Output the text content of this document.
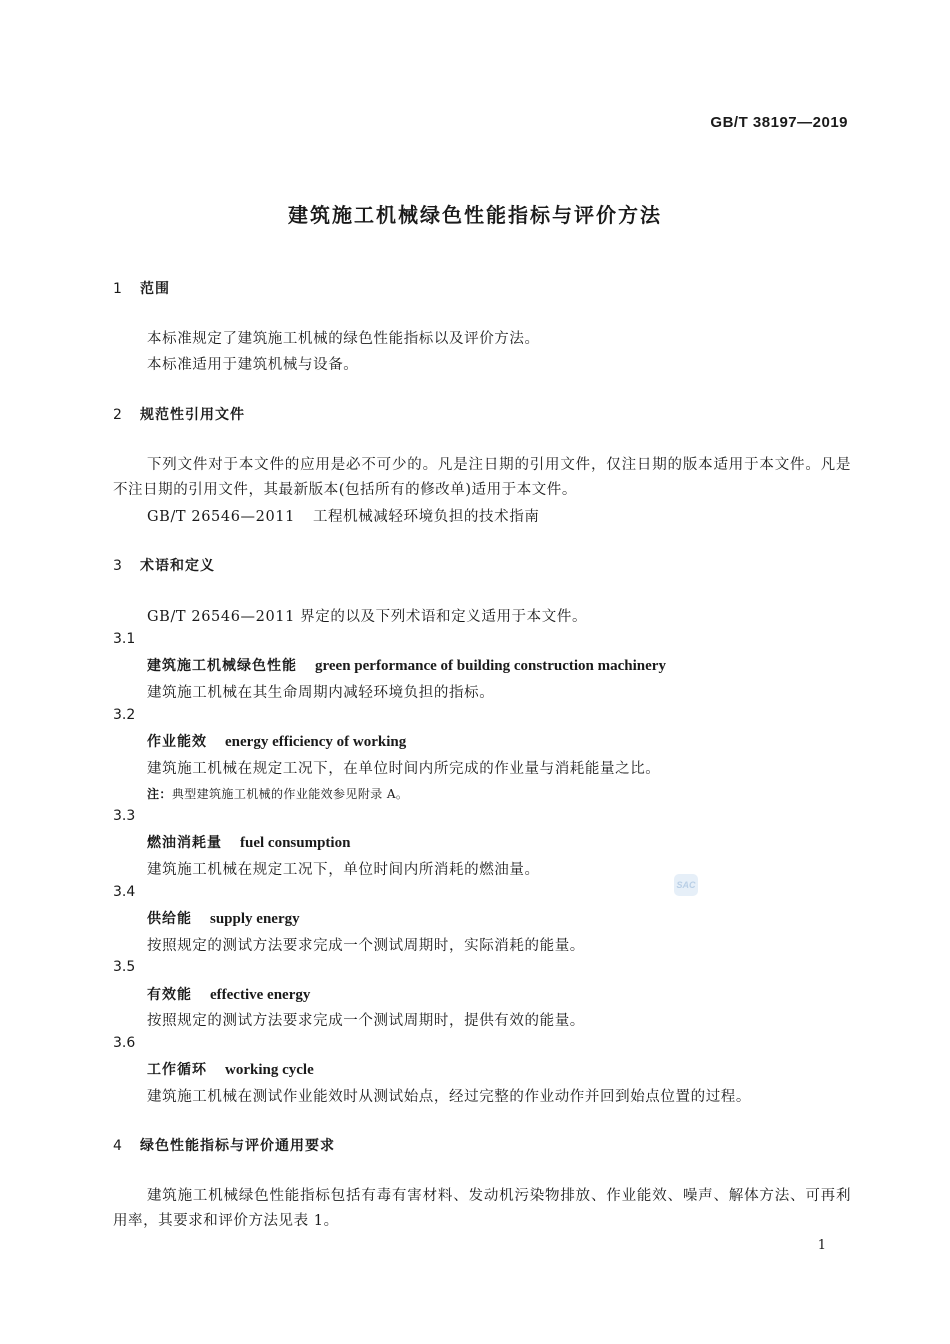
GB/T 38197—2019
建筑施工机械绿色性能指标与评价方法
1 范围
本标准规定了建筑施工机械的绿色性能指标以及评价方法。
本标准适用于建筑机械与设备。
2 规范性引用文件
下列文件对于本文件的应用是必不可少的。凡是注日期的引用文件，仅注日期的版本适用于本文件。凡是不注日期的引用文件，其最新版本(包括所有的修改单)适用于本文件。
GB/T 26546—2011 工程机械减轻环境负担的技术指南
3 术语和定义
GB/T 26546—2011 界定的以及下列术语和定义适用于本文件。
3.1
建筑施工机械绿色性能 green performance of building construction machinery
建筑施工机械在其生命周期内减轻环境负担的指标。
3.2
作业能效 energy efficiency of working
建筑施工机械在规定工况下，在单位时间内所完成的作业量与消耗能量之比。
注：典型建筑施工机械的作业能效参见附录 A。
3.3
燃油消耗量 fuel consumption
建筑施工机械在规定工况下，单位时间内所消耗的燃油量。
3.4
供给能 supply energy
按照规定的测试方法要求完成一个测试周期时，实际消耗的能量。
3.5
有效能 effective energy
按照规定的测试方法要求完成一个测试周期时，提供有效的能量。
3.6
工作循环 working cycle
建筑施工机械在测试作业能效时从测试始点，经过完整的作业动作并回到始点位置的过程。
4 绿色性能指标与评价通用要求
建筑施工机械绿色性能指标包括有毒有害材料、发动机污染物排放、作业能效、噪声、解体方法、可再利用率，其要求和评价方法见表 1。
SAC
1
